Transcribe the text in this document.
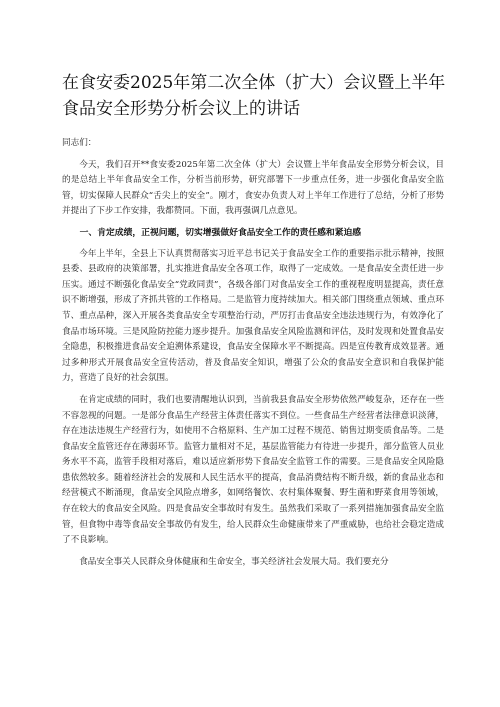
在食安委2025年第二次全体（扩大）会议暨上半年食品安全形势分析会议上的讲话

同志们：

今天，我们召开**食安委2025年第二次全体（扩大）会议暨上半年食品安全形势分析会议，目的是总结上半年食品安全工作，分析当前形势，研究部署下一步重点任务，进一步强化食品安全监管，切实保障人民群众“舌尖上的安全”。刚才，食安办负责人对上半年工作进行了总结，分析了形势并提出了下步工作安排，我都赞同。下面，我再强调几点意见。

一、肯定成绩，正视问题，切实增强做好食品安全工作的责任感和紧迫感

今年上半年，全县上下认真贯彻落实习近平总书记关于食品安全工作的重要指示批示精神，按照县委、县政府的决策部署，扎实推进食品安全各项工作，取得了一定成效。一是食品安全责任进一步压实。通过不断强化食品安全“党政同责”，各级各部门对食品安全工作的重视程度明显提高，责任意识不断增强，形成了齐抓共管的工作格局。二是监管力度持续加大。相关部门围绕重点领域、重点环节、重点品种，深入开展各类食品安全专项整治行动，严厉打击食品安全违法违规行为，有效净化了食品市场环境。三是风险防控能力逐步提升。加强食品安全风险监测和评估，及时发现和处置食品安全隐患，积极推进食品安全追溯体系建设，食品安全保障水平不断提高。四是宣传教育成效显著。通过多种形式开展食品安全宣传活动，普及食品安全知识，增强了公众的食品安全意识和自我保护能力，营造了良好的社会氛围。

在肯定成绩的同时，我们也要清醒地认识到，当前我县食品安全形势依然严峻复杂，还存在一些不容忽视的问题。一是部分食品生产经营主体责任落实不到位。一些食品生产经营者法律意识淡薄，存在违法违规生产经营行为，如使用不合格原料、生产加工过程不规范、销售过期变质食品等。二是食品安全监管还存在薄弱环节。监管力量相对不足，基层监管能力有待进一步提升，部分监管人员业务水平不高，监管手段相对落后，难以适应新形势下食品安全监管工作的需要。三是食品安全风险隐患依然较多。随着经济社会的发展和人民生活水平的提高，食品消费结构不断升级，新的食品业态和经营模式不断涌现，食品安全风险点增多，如网络餐饮、农村集体聚餐、野生菌和野菜食用等领域，存在较大的食品安全风险。四是食品安全事故时有发生。虽然我们采取了一系列措施加强食品安全监管，但食物中毒等食品安全事故仍有发生，给人民群众生命健康带来了严重威胁，也给社会稳定造成了不良影响。

食品安全事关人民群众身体健康和生命安全，事关经济社会发展大局。我们要充分
